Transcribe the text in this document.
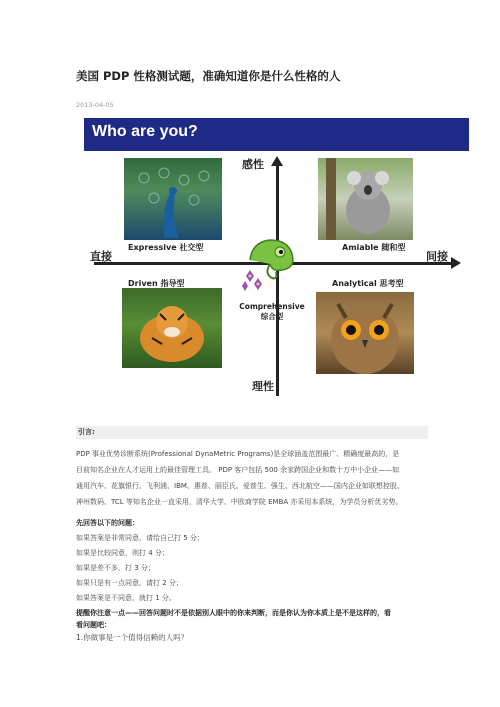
美国 PDP 性格测试题，准确知道你是什么性格的人
2013-04-05
Who are you?
感性
理性
直接	间接
Expressive 社交型	Amiable 随和型
Driven 指导型	Analytical 思考型
Comprehensive
综合型
引言:
PDP 事业优势诊断系统(Professional DynaMetric Programs)是全球涵盖范围最广、精确度最高的，是
目前知名企业在人才运用上的最佳管理工具。 PDP 客户包括 500 余家跨国企业和数十万中小企业——如
通用汽车、花旗银行、飞利浦、IBM、惠普、丽臣氏、爱普生、强生、西北航空——国内企业如联想控股、
神州数码、TCL 等知名企业一直采用，清华大学、中欧商学院 EMBA 亦采用本系统，为学员分析优劣势。
先回答以下的问题：
如果答案是非常同意，请给自己打 5 分；
如果是比较同意，则打 4 分；
如果是差不多，打 3 分；
如果只是有一点同意，请打 2 分；
如果答案是不同意，就打 1 分。
提醒你注意一点——回答问题时不是依据别人眼中的你来判断，而是你认为你本质上是不是这样的，看
看问题吧：
1.你做事是一个值得信赖的人吗？
